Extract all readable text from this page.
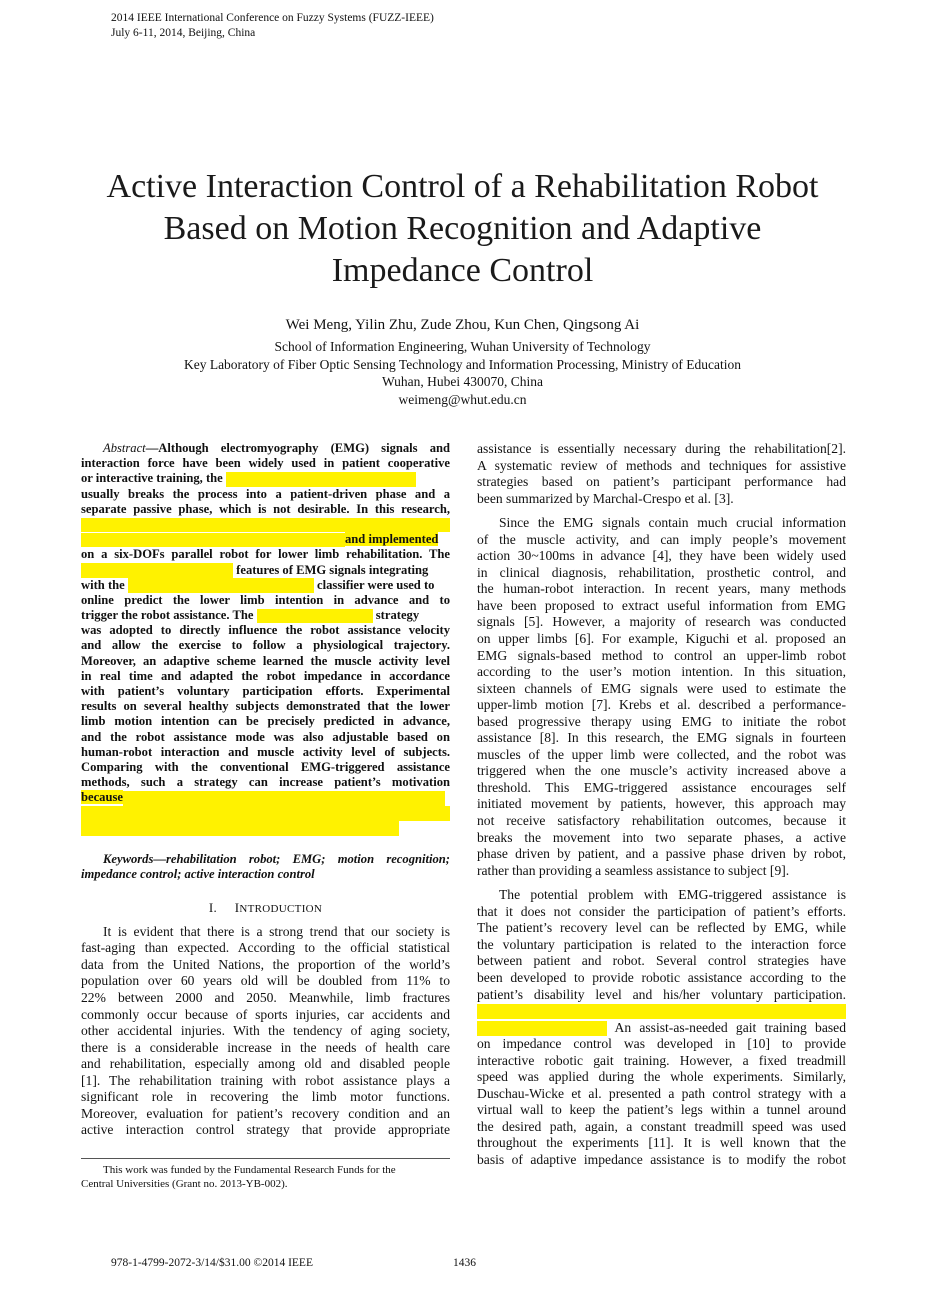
2014 IEEE International Conference on Fuzzy Systems (FUZZ-IEEE)
July 6-11, 2014, Beijing, China
Active Interaction Control of a Rehabilitation Robot
Based on Motion Recognition and Adaptive
Impedance Control
Wei Meng, Yilin Zhu, Zude Zhou, Kun Chen, Qingsong Ai
School of Information Engineering, Wuhan University of Technology
Key Laboratory of Fiber Optic Sensing Technology and Information Processing, Ministry of Education
Wuhan, Hubei 430070, China
weimeng@whut.edu.cn
Abstract—Although electromyography (EMG) signals and
interaction force have been widely used in patient cooperative
or interactive training, the
usually breaks the process into a patient-driven phase and a
separate passive phase, which is not desirable. In this research,
and implemented
on a six-DOFs parallel robot for lower limb rehabilitation. The
features of EMG signals integrating
with the	classifier were used to
online predict the lower limb intention in advance and to
trigger the robot assistance. The	strategy
was adopted to directly influence the robot assistance velocity
and allow the exercise to follow a physiological trajectory.
Moreover, an adaptive scheme learned the muscle activity level
in real time and adapted the robot impedance in accordance
with patient’s voluntary participation efforts. Experimental
results on several healthy subjects demonstrated that the lower
limb motion intention can be precisely predicted in advance,
and the robot assistance mode was also adjustable based on
human-robot interaction and muscle activity level of subjects.
Comparing with the conventional EMG-triggered assistance
methods, such a strategy can increase patient’s motivation
because
Keywords—rehabilitation robot; EMG; motion recognition;
impedance control; active interaction control
I. INTRODUCTION
It is evident that there is a strong trend that our society is
fast-aging than expected. According to the official statistical
data from the United Nations, the proportion of the world’s
population over 60 years old will be doubled from 11% to
22% between 2000 and 2050. Meanwhile, limb fractures
commonly occur because of sports injuries, car accidents and
other accidental injuries. With the tendency of aging society,
there is a considerable increase in the needs of health care
and rehabilitation, especially among old and disabled people
[1]. The rehabilitation training with robot assistance plays a
significant role in recovering the limb motor functions.
Moreover, evaluation for patient’s recovery condition and an
active interaction control strategy that provide appropriate
assistance is essentially necessary during the rehabilitation[2].
A systematic review of methods and techniques for assistive
strategies based on patient’s participant performance had
been summarized by Marchal-Crespo et al. [3].
Since the EMG signals contain much crucial information
of the muscle activity, and can imply people’s movement
action 30~100ms in advance [4], they have been widely used
in clinical diagnosis, rehabilitation, prosthetic control, and
the human-robot interaction. In recent years, many methods
have been proposed to extract useful information from EMG
signals [5]. However, a majority of research was conducted
on upper limbs [6]. For example, Kiguchi et al. proposed an
EMG signals-based method to control an upper-limb robot
according to the user’s motion intention. In this situation,
sixteen channels of EMG signals were used to estimate the
upper-limb motion [7]. Krebs et al. described a performance-
based progressive therapy using EMG to initiate the robot
assistance [8]. In this research, the EMG signals in fourteen
muscles of the upper limb were collected, and the robot was
triggered when the one muscle’s activity increased above a
threshold. This EMG-triggered assistance encourages self
initiated movement by patients, however, this approach may
not receive satisfactory rehabilitation outcomes, because it
breaks the movement into two separate phases, a active
phase driven by patient, and a passive phase driven by robot,
rather than providing a seamless assistance to subject [9].
The potential problem with EMG-triggered assistance is
that it does not consider the participation of patient’s efforts.
The patient’s recovery level can be reflected by EMG, while
the voluntary participation is related to the interaction force
between patient and robot. Several control strategies have
been developed to provide robotic assistance according to the
patient’s disability level and his/her voluntary participation.
An assist-as-needed gait training based
on impedance control was developed in [10] to provide
interactive robotic gait training. However, a fixed treadmill
speed was applied during the whole experiments. Similarly,
Duschau-Wicke et al. presented a path control strategy with a
virtual wall to keep the patient’s legs within a tunnel around
the desired path, again, a constant treadmill speed was used
throughout the experiments [11]. It is well known that the
basis of adaptive impedance assistance is to modify the robot
This work was funded by the Fundamental Research Funds for the
Central Universities (Grant no. 2013-YB-002).
978-1-4799-2072-3/14/$31.00 ©2014 IEEE	1436
